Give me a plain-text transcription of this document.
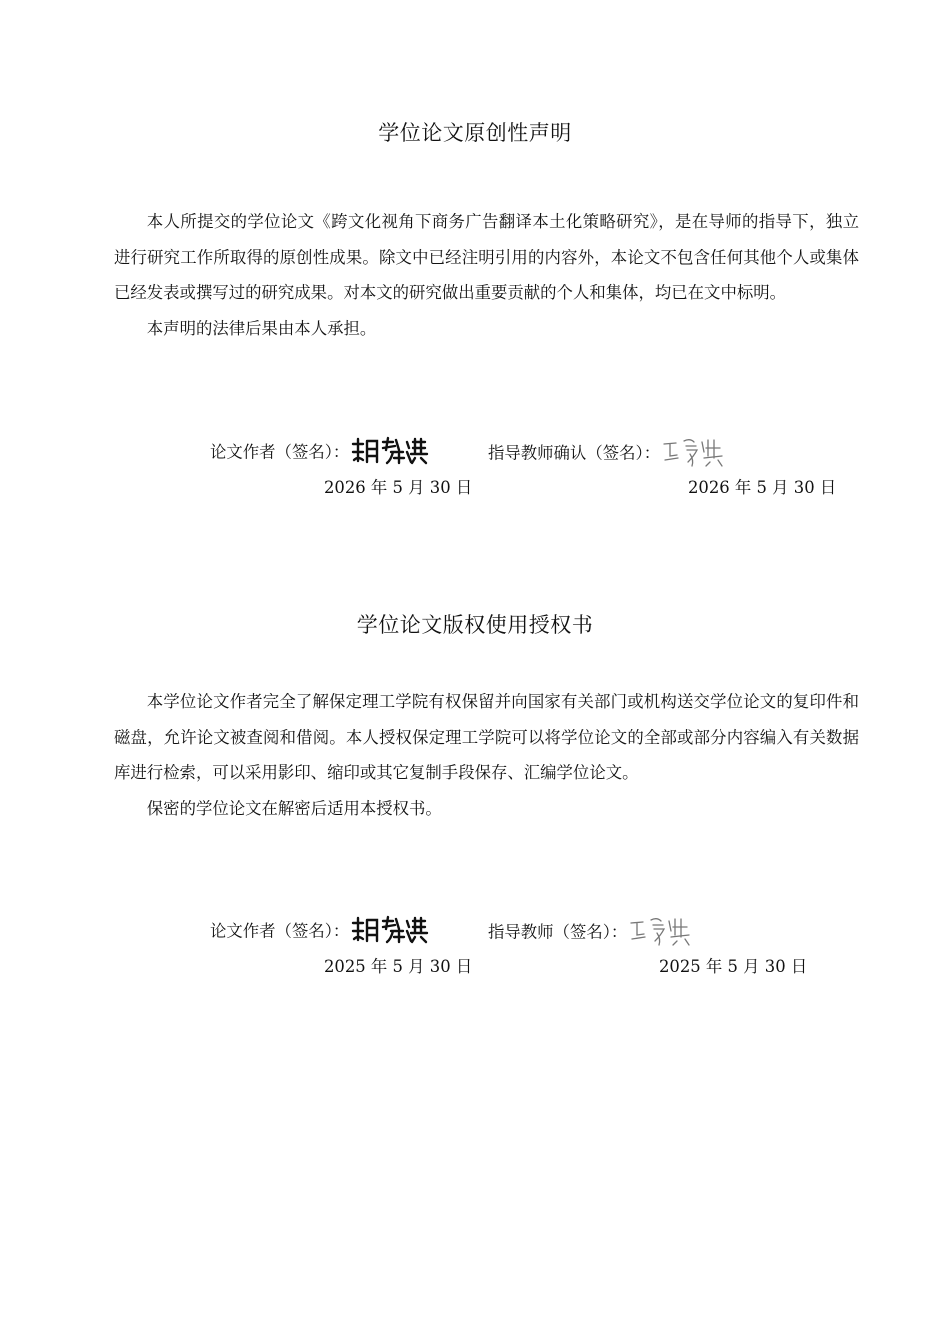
学位论文原创性声明

本人所提交的学位论文《跨文化视角下商务广告翻译本土化策略研究》，是在导师的指导下，独立进行研究工作所取得的原创性成果。除文中已经注明引用的内容外，本论文不包含任何其他个人或集体已经发表或撰写过的研究成果。对本文的研究做出重要贡献的个人和集体，均已在文中标明。

本声明的法律后果由本人承担。

论文作者（签名）：	指导教师确认（签名）：
2026 年 5 月 30 日	2026 年 5 月 30 日
学位论文版权使用授权书

本学位论文作者完全了解保定理工学院有权保留并向国家有关部门或机构送交学位论文的复印件和磁盘，允许论文被查阅和借阅。本人授权保定理工学院可以将学位论文的全部或部分内容编入有关数据库进行检索，可以采用影印、缩印或其它复制手段保存、汇编学位论文。

保密的学位论文在解密后适用本授权书。

论文作者（签名）：	指导教师（签名）：
2025 年 5 月 30 日	2025 年 5 月 30 日
